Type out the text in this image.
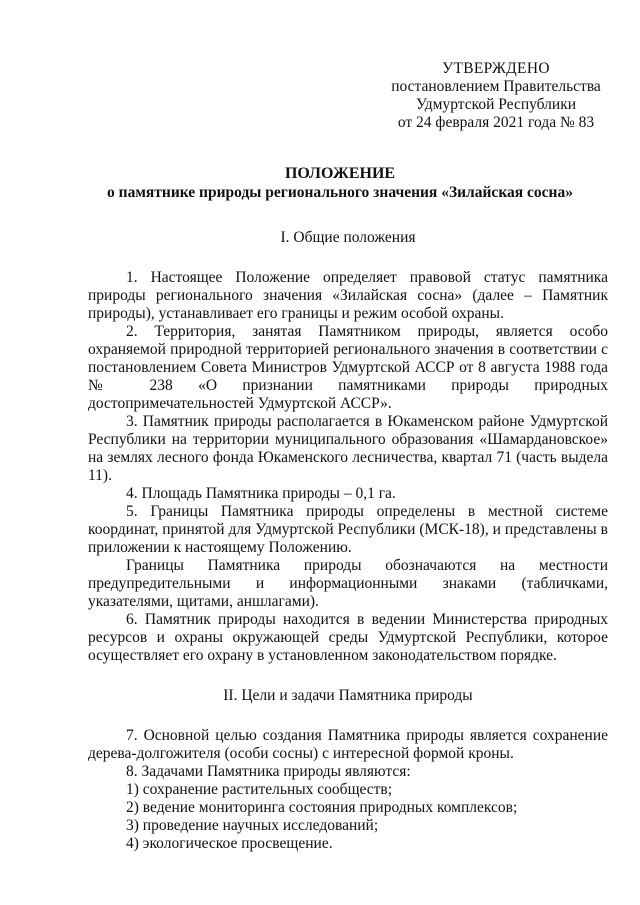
УТВЕРЖДЕНО
постановлением Правительства
Удмуртской Республики
от 24 февраля 2021 года № 83
ПОЛОЖЕНИЕ
о памятнике природы регионального значения «Зилайская сосна»
I. Общие положения

1. Настоящее Положение определяет правовой статус памятника природы регионального значения «Зилайская сосна» (далее – Памятник природы), устанавливает его границы и режим особой охраны.

2. Территория, занятая Памятником природы, является особо охраняемой природной территорией регионального значения в соответствии с постановлением Совета Министров Удмуртской АССР от 8 августа 1988 года № 238 «О признании памятниками природы природных достопримечательностей Удмуртской АССР».

3. Памятник природы располагается в Юкаменском районе Удмуртской Республики на территории муниципального образования «Шамардановское» на землях лесного фонда Юкаменского лесничества, квартал 71 (часть выдела 11).

4. Площадь Памятника природы – 0,1 га.

5. Границы Памятника природы определены в местной системе координат, принятой для Удмуртской Республики (МСК-18), и представлены в приложении к настоящему Положению.

Границы Памятника природы обозначаются на местности предупредительными и информационными знаками (табличками, указателями, щитами, аншлагами).

6. Памятник природы находится в ведении Министерства природных ресурсов и охраны окружающей среды Удмуртской Республики, которое осуществляет его охрану в установленном законодательством порядке.

II. Цели и задачи Памятника природы

7. Основной целью создания Памятника природы является сохранение дерева-долгожителя (особи сосны) с интересной формой кроны.

8. Задачами Памятника природы являются:

1) сохранение растительных сообществ;

2) ведение мониторинга состояния природных комплексов;

3) проведение научных исследований;

4) экологическое просвещение.
